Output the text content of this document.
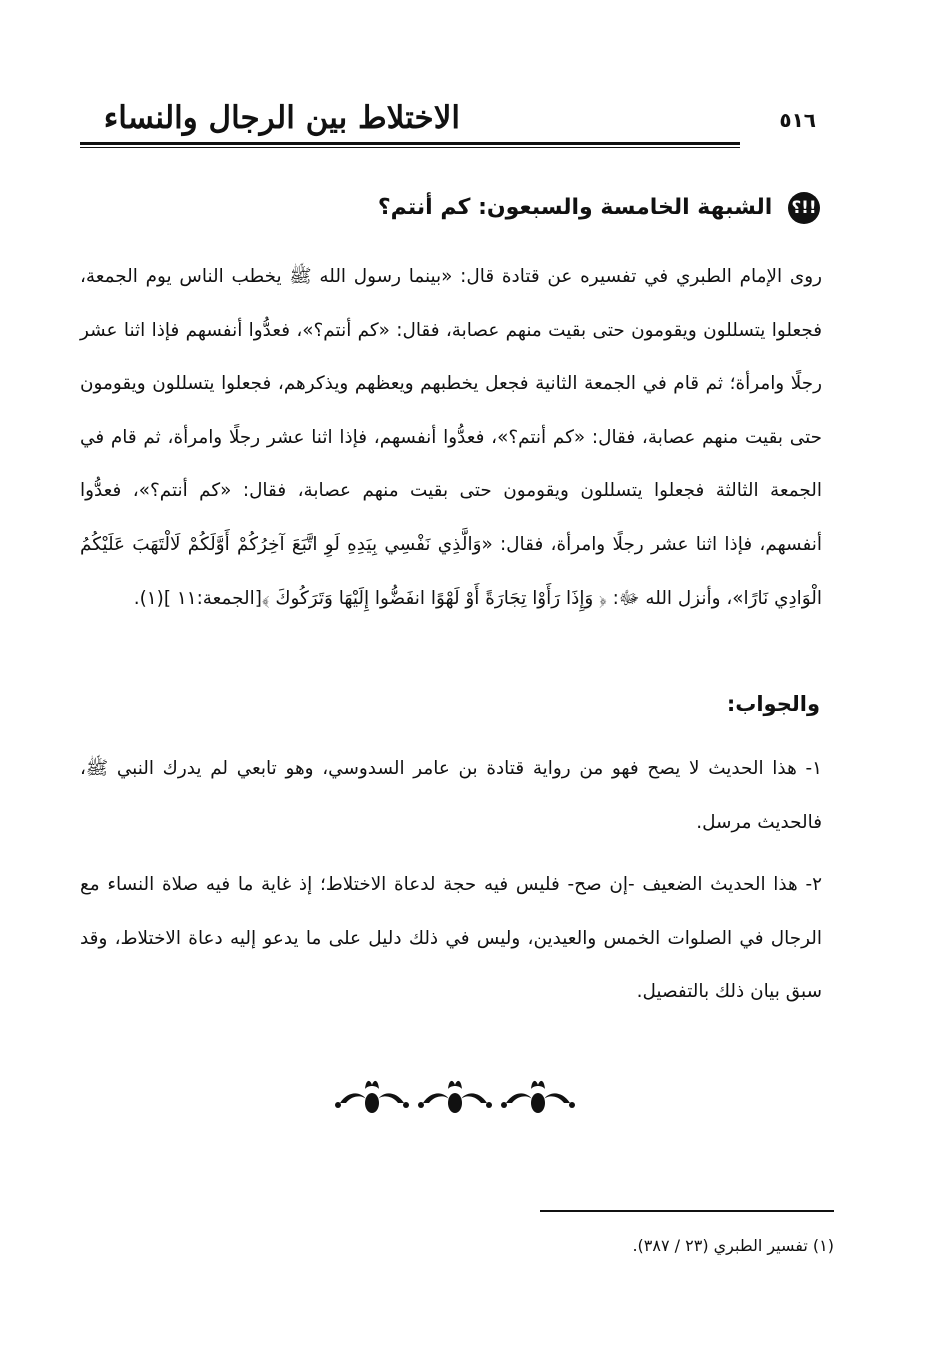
الاختلاط بين الرجال والنساء	٥١٦
!!؟ الشبهة الخامسة والسبعون: كم أنتم؟

روى الإمام الطبري في تفسيره عن قتادة قال: «بينما رسول الله ﷺ يخطب الناس يوم الجمعة، فجعلوا يتسللون ويقومون حتى بقيت منهم عصابة، فقال: «كم أنتم؟»، فعدُّوا أنفسهم فإذا اثنا عشر رجلًا وامرأة؛ ثم قام في الجمعة الثانية فجعل يخطبهم ويعظهم ويذكرهم، فجعلوا يتسللون ويقومون حتى بقيت منهم عصابة، فقال: «كم أنتم؟»، فعدُّوا أنفسهم، فإذا اثنا عشر رجلًا وامرأة، ثم قام في الجمعة الثالثة فجعلوا يتسللون ويقومون حتى بقيت منهم عصابة، فقال: «كم أنتم؟»، فعدُّوا أنفسهم، فإذا اثنا عشر رجلًا وامرأة، فقال: «وَالَّذِي نَفْسِي بِيَدِهِ لَوِ اتَّبَعَ آخِرُكُمْ أَوَّلَكُمْ لَالْتَهَبَ عَلَيْكُمُ الْوَادِي نَارًا»، وأنزل الله ﷻ: ﴿ وَإِذَا رَأَوْا تِجَارَةً أَوْ لَهْوًا انفَضُّوا إِلَيْهَا وَتَرَكُوكَ ﴾[الجمعة:١١ ](١).

والجواب:

١- هذا الحديث لا يصح فهو من رواية قتادة بن عامر السدوسي، وهو تابعي لم يدرك النبي ﷺ، فالحديث مرسل.

٢- هذا الحديث الضعيف -إن صح- فليس فيه حجة لدعاة الاختلاط؛ إذ غاية ما فيه صلاة النساء مع الرجال في الصلوات الخمس والعيدين، وليس في ذلك دليل على ما يدعو إليه دعاة الاختلاط، وقد سبق بيان ذلك بالتفصيل.

(١) تفسير الطبري (٢٣ / ٣٨٧).
